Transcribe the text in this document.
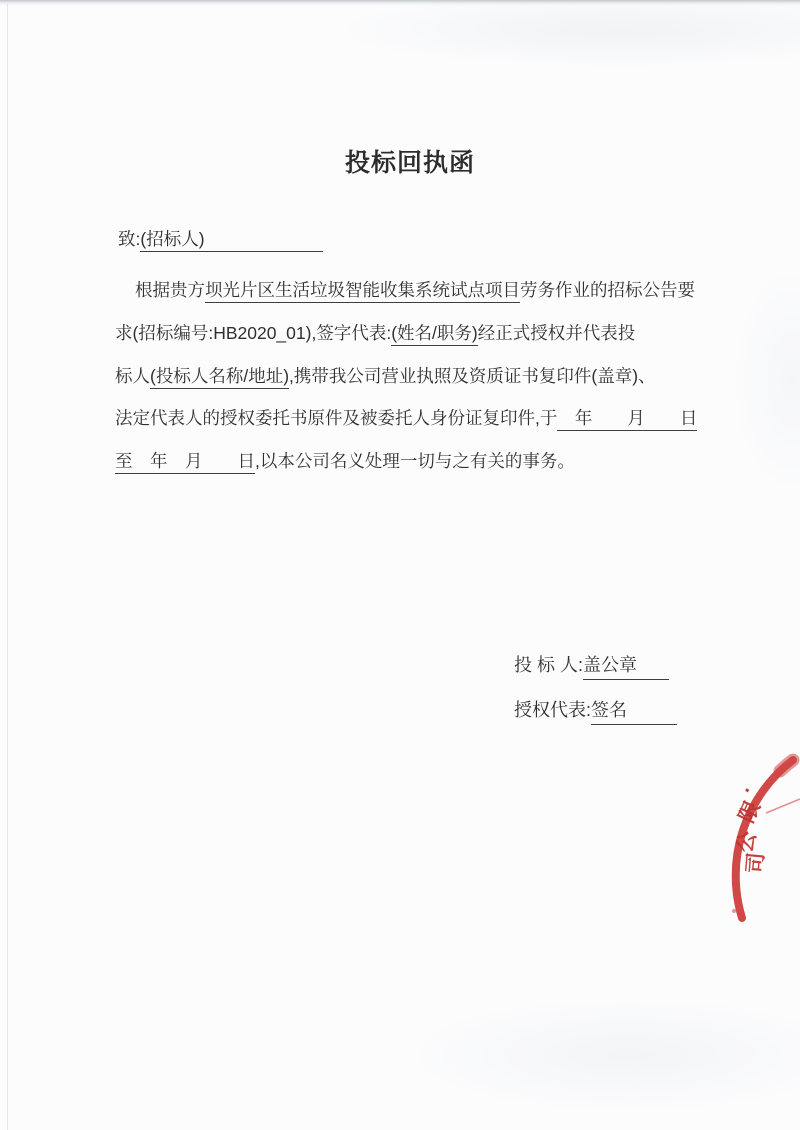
投标回执函
致:(招标人)

根据贵方坝光片区生活垃圾智能收集系统试点项目劳务作业的招标公告要

求(招标编号:HB2020_01),签字代表:(姓名/职务)经正式授权并代表投

标人(投标人名称/地址),携带我公司营业执照及资质证书复印件(盖章)、

法定代表人的授权委托书原件及被委托人身份证复印件,于　年　　月　　日

至　年　月　　日,以本公司名义处理一切与之有关的事务。

投 标 人:盖公章
授权代表:签名
·
限
公
司
